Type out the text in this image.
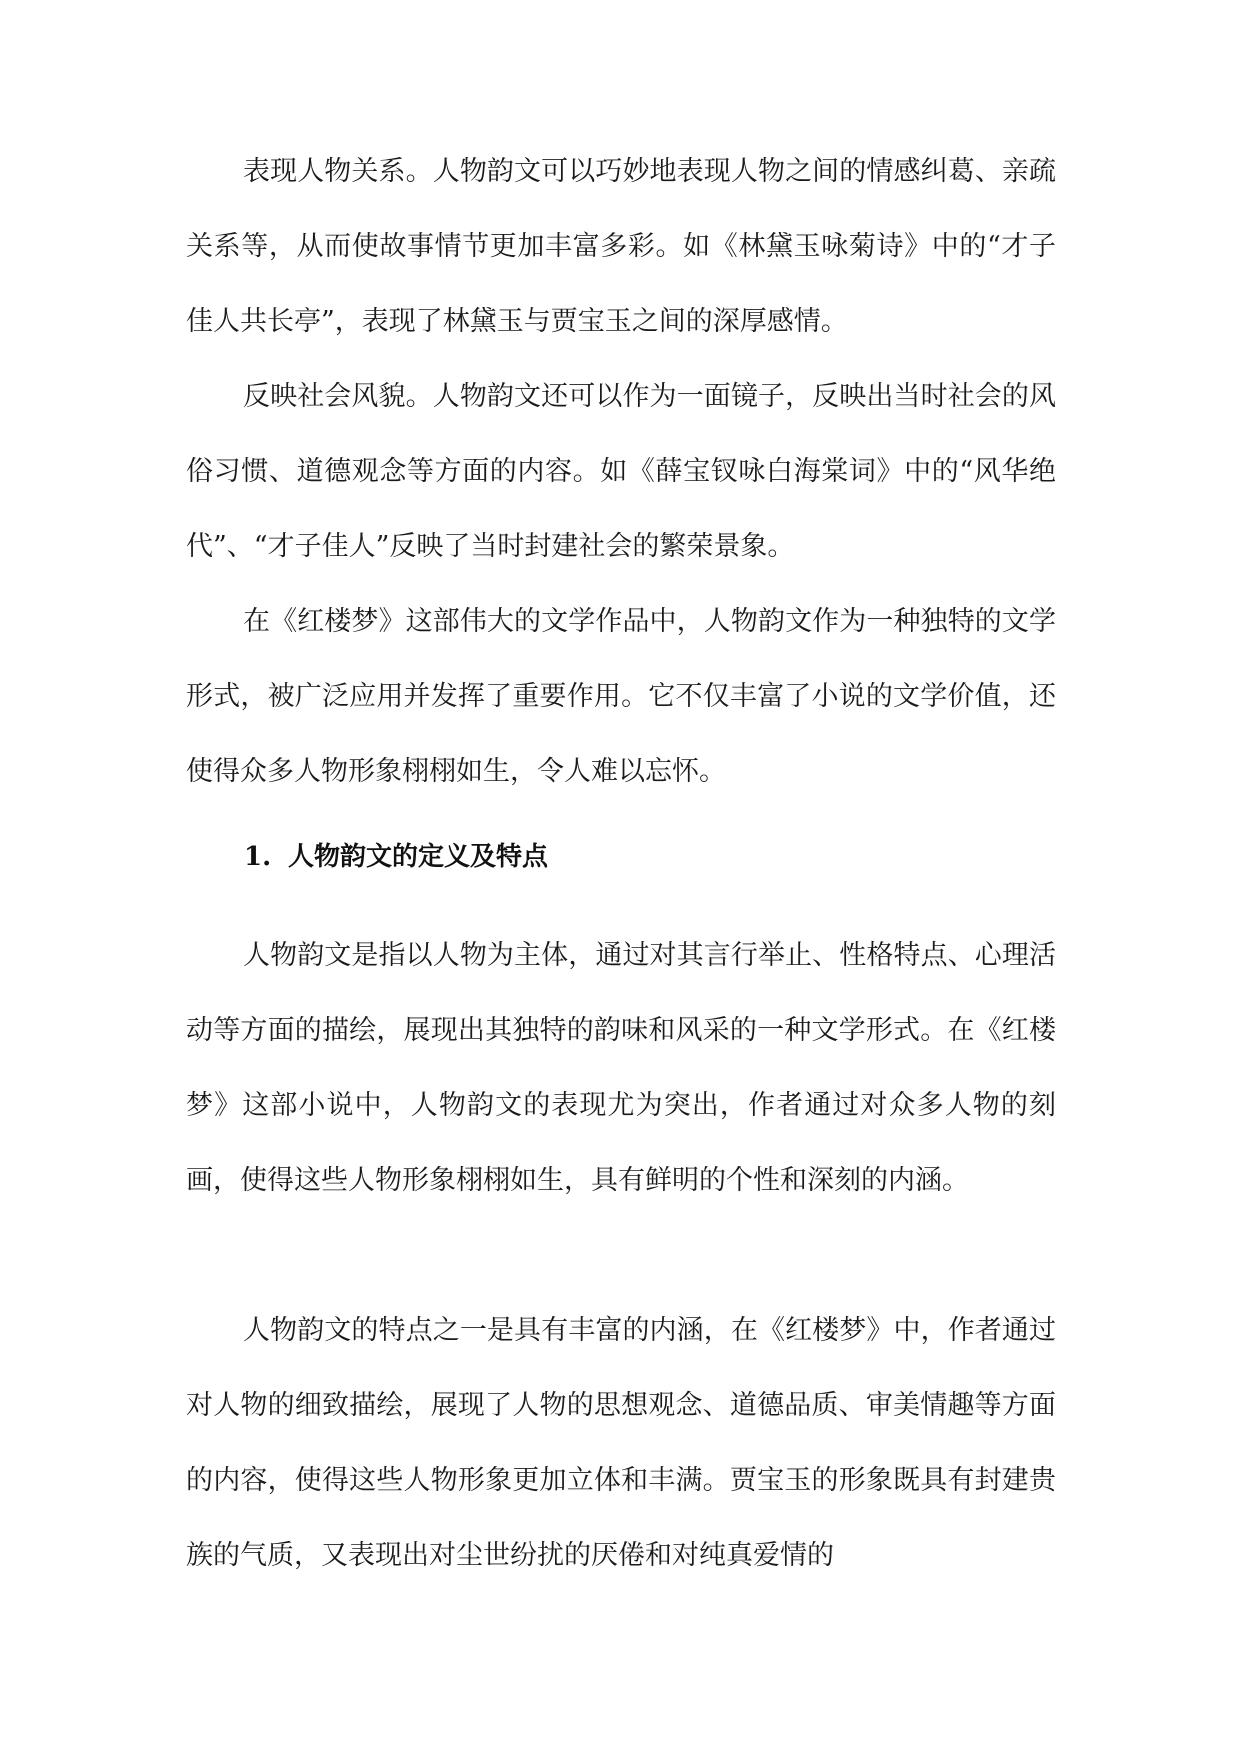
表现人物关系。人物韵文可以巧妙地表现人物之间的情感纠葛、亲疏关系等，从而使故事情节更加丰富多彩。如《林黛玉咏菊诗》中的“才子佳人共长亭”，表现了林黛玉与贾宝玉之间的深厚感情。

反映社会风貌。人物韵文还可以作为一面镜子，反映出当时社会的风俗习惯、道德观念等方面的内容。如《薛宝钗咏白海棠词》中的“风华绝代”、“才子佳人”反映了当时封建社会的繁荣景象。

在《红楼梦》这部伟大的文学作品中，人物韵文作为一种独特的文学形式，被广泛应用并发挥了重要作用。它不仅丰富了小说的文学价值，还使得众多人物形象栩栩如生，令人难以忘怀。

1. 人物韵文的定义及特点

人物韵文是指以人物为主体，通过对其言行举止、性格特点、心理活动等方面的描绘，展现出其独特的韵味和风采的一种文学形式。在《红楼梦》这部小说中，人物韵文的表现尤为突出，作者通过对众多人物的刻画，使得这些人物形象栩栩如生，具有鲜明的个性和深刻的内涵。

人物韵文的特点之一是具有丰富的内涵，在《红楼梦》中，作者通过对人物的细致描绘，展现了人物的思想观念、道德品质、审美情趣等方面的内容，使得这些人物形象更加立体和丰满。贾宝玉的形象既具有封建贵族的气质，又表现出对尘世纷扰的厌倦和对纯真爱情的
